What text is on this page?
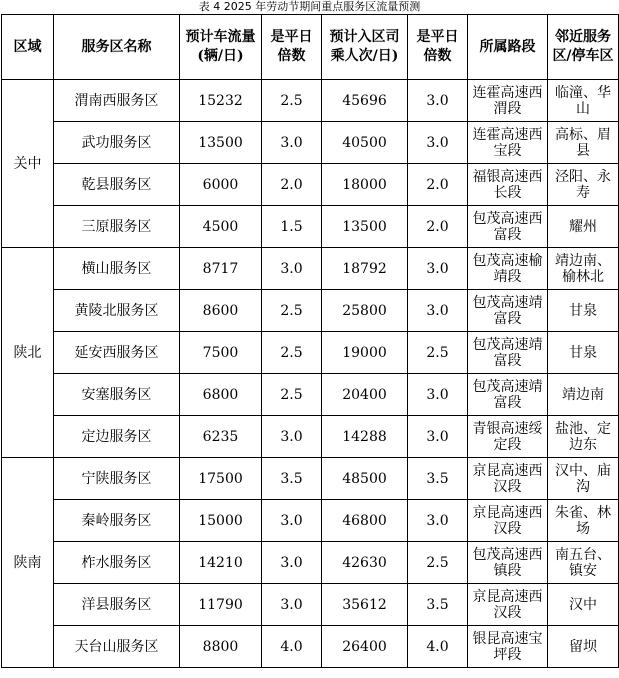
表 4 2025 年劳动节期间重点服务区流量预测
区域	服务区名称	预计车流量(辆/日)	是平日倍数	预计入区司乘人次/日)	是平日倍数	所属路段	邻近服务区/停车区
关中	渭南西服务区	15232	2.5	45696	3.0	连霍高速西渭段	临潼、华山
	武功服务区	13500	3.0	40500	3.0	连霍高速西宝段	高标、眉县
	乾县服务区	6000	2.0	18000	2.0	福银高速西长段	泾阳、永寿
	三原服务区	4500	1.5	13500	2.0	包茂高速西富段	耀州
陕北	横山服务区	8717	3.0	18792	3.0	包茂高速榆靖段	靖边南、榆林北
	黄陵北服务区	8600	2.5	25800	3.0	包茂高速靖富段	甘泉
	延安西服务区	7500	2.5	19000	2.5	包茂高速靖富段	甘泉
	安塞服务区	6800	2.5	20400	3.0	包茂高速靖富段	靖边南
	定边服务区	6235	3.0	14288	3.0	青银高速绥定段	盐池、定边东
陕南	宁陕服务区	17500	3.5	48500	3.5	京昆高速西汉段	汉中、庙沟
	秦岭服务区	15000	3.0	46800	3.0	京昆高速西汉段	朱雀、林场
	柞水服务区	14210	3.0	42630	2.5	包茂高速西镇段	南五台、镇安
	洋县服务区	11790	3.0	35612	3.5	京昆高速西汉段	汉中
	天台山服务区	8800	4.0	26400	4.0	银昆高速宝坪段	留坝
